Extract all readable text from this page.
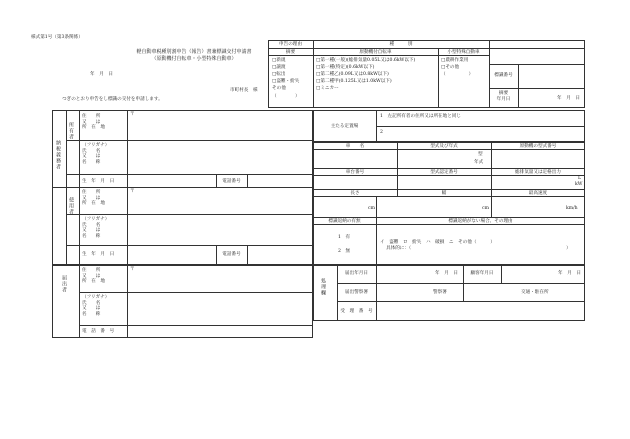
様式第1号（第3条関係）
軽自動車税種別割申告（報告）書兼標識交付申請書
（原動機付自転車・小型特殊自動車）
年　月　日
市町村長　様
つぎのとおり申告をし標識の交付を申請します。
申告の理由	種　　　別
原動機付自転車	小型特殊自動車
摘要
□新規
□譲渡
□転出
□盗難・紛失
その他
（　　　　）
□第一種(一般)(総排気量0.05L又は0.6kW以下)
□第一種(特定)(0.6kW以下)
□第二種乙(0.09L又は0.8kW以下)
□第二種甲(0.125L又は1.0kW以下)
□ミニカー
□農耕作業用
□その他
（　　　　　）	標識番号
摘要
年月日	年　月　日
納税義務者
所有者
使用者
住　　所
又　　は
所　在　地
〒
（フリガナ）
氏　　名
又　　は
名　　称
生　年　月　日	電話番号
住　　所
又　　は
所　在　地
〒
（フリガナ）
氏　　名
又　　は
名　　称
生　年　月　日	電話番号
主たる定置場
1　左記所有者の住所又は所在地と同じ
2
車　　名	型式及び年式	原動機の型式番号
型
年式
車台番号	型式認定番号	総排気量又は定格出力
L
kW
長さ	幅	最高速度
cm	cm	km/h
標識返納の有無	標識返納がない場合、その理由
1　有
2　無
イ　盗難　ロ　紛失　ハ　破損　ニ　その他（　　　）
具体的に：（	）
届出者
住　　所
又　　は
所　在　地
〒
（フリガナ）
氏　　名
又　　は
名　　称
電　話　番　号
処理欄
届出年月日	年　月　日	顧客年月日	年　月　日
届出警察署	警察署	交通・駐在所
受　理　番　号
